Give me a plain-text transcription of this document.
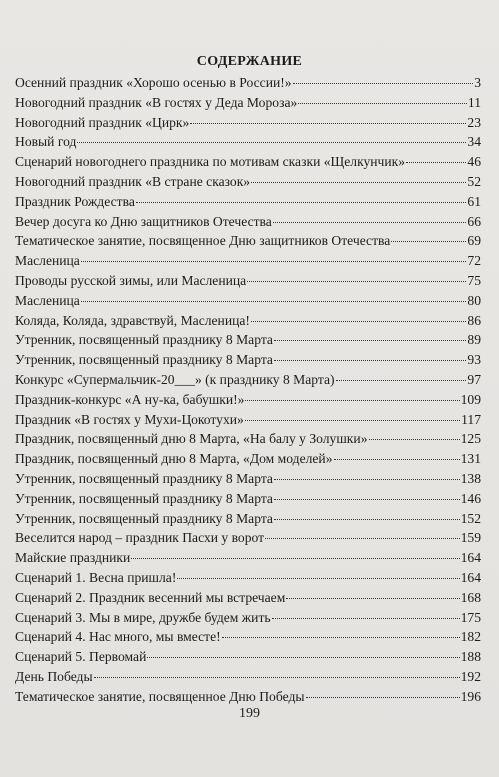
СОДЕРЖАНИЕ
Осенний праздник «Хорошо осенью в России!»	3
Новогодний праздник «В гостях у Деда Мороза»	11
Новогодний праздник «Цирк»	23
Новый год	34
Сценарий новогоднего праздника по мотивам сказки «Щелкунчик»	46
Новогодний праздник «В стране сказок»	52
Праздник Рождества	61
Вечер досуга ко Дню защитников Отечества	66
Тематическое занятие, посвященное Дню защитников Отечества	69
Масленица	72
Проводы русской зимы, или Масленица	75
Масленица	80
Коляда, Коляда, здравствуй, Масленица!	86
Утренник, посвященный празднику 8 Марта	89
Утренник, посвященный празднику 8 Марта	93
Конкурс «Супермальчик-20___» (к празднику 8 Марта)	97
Праздник-конкурс «А ну-ка, бабушки!»	109
Праздник «В гостях у Мухи-Цокотухи»	117
Праздник, посвященный дню 8 Марта, «На балу у Золушки»	125
Праздник, посвященный дню 8 Марта, «Дом моделей»	131
Утренник, посвященный празднику 8 Марта	138
Утренник, посвященный празднику 8 Марта	146
Утренник, посвященный празднику 8 Марта	152
Веселится народ – праздник Пасхи у ворот	159
Майские праздники	164
Сценарий 1. Весна пришла!	164
Сценарий 2. Праздник весенний мы встречаем	168
Сценарий 3. Мы в мире, дружбе будем жить	175
Сценарий 4. Нас много, мы вместе!	182
Сценарий 5. Первомай	188
День Победы	192
Тематическое занятие, посвященное Дню Победы	196
199
